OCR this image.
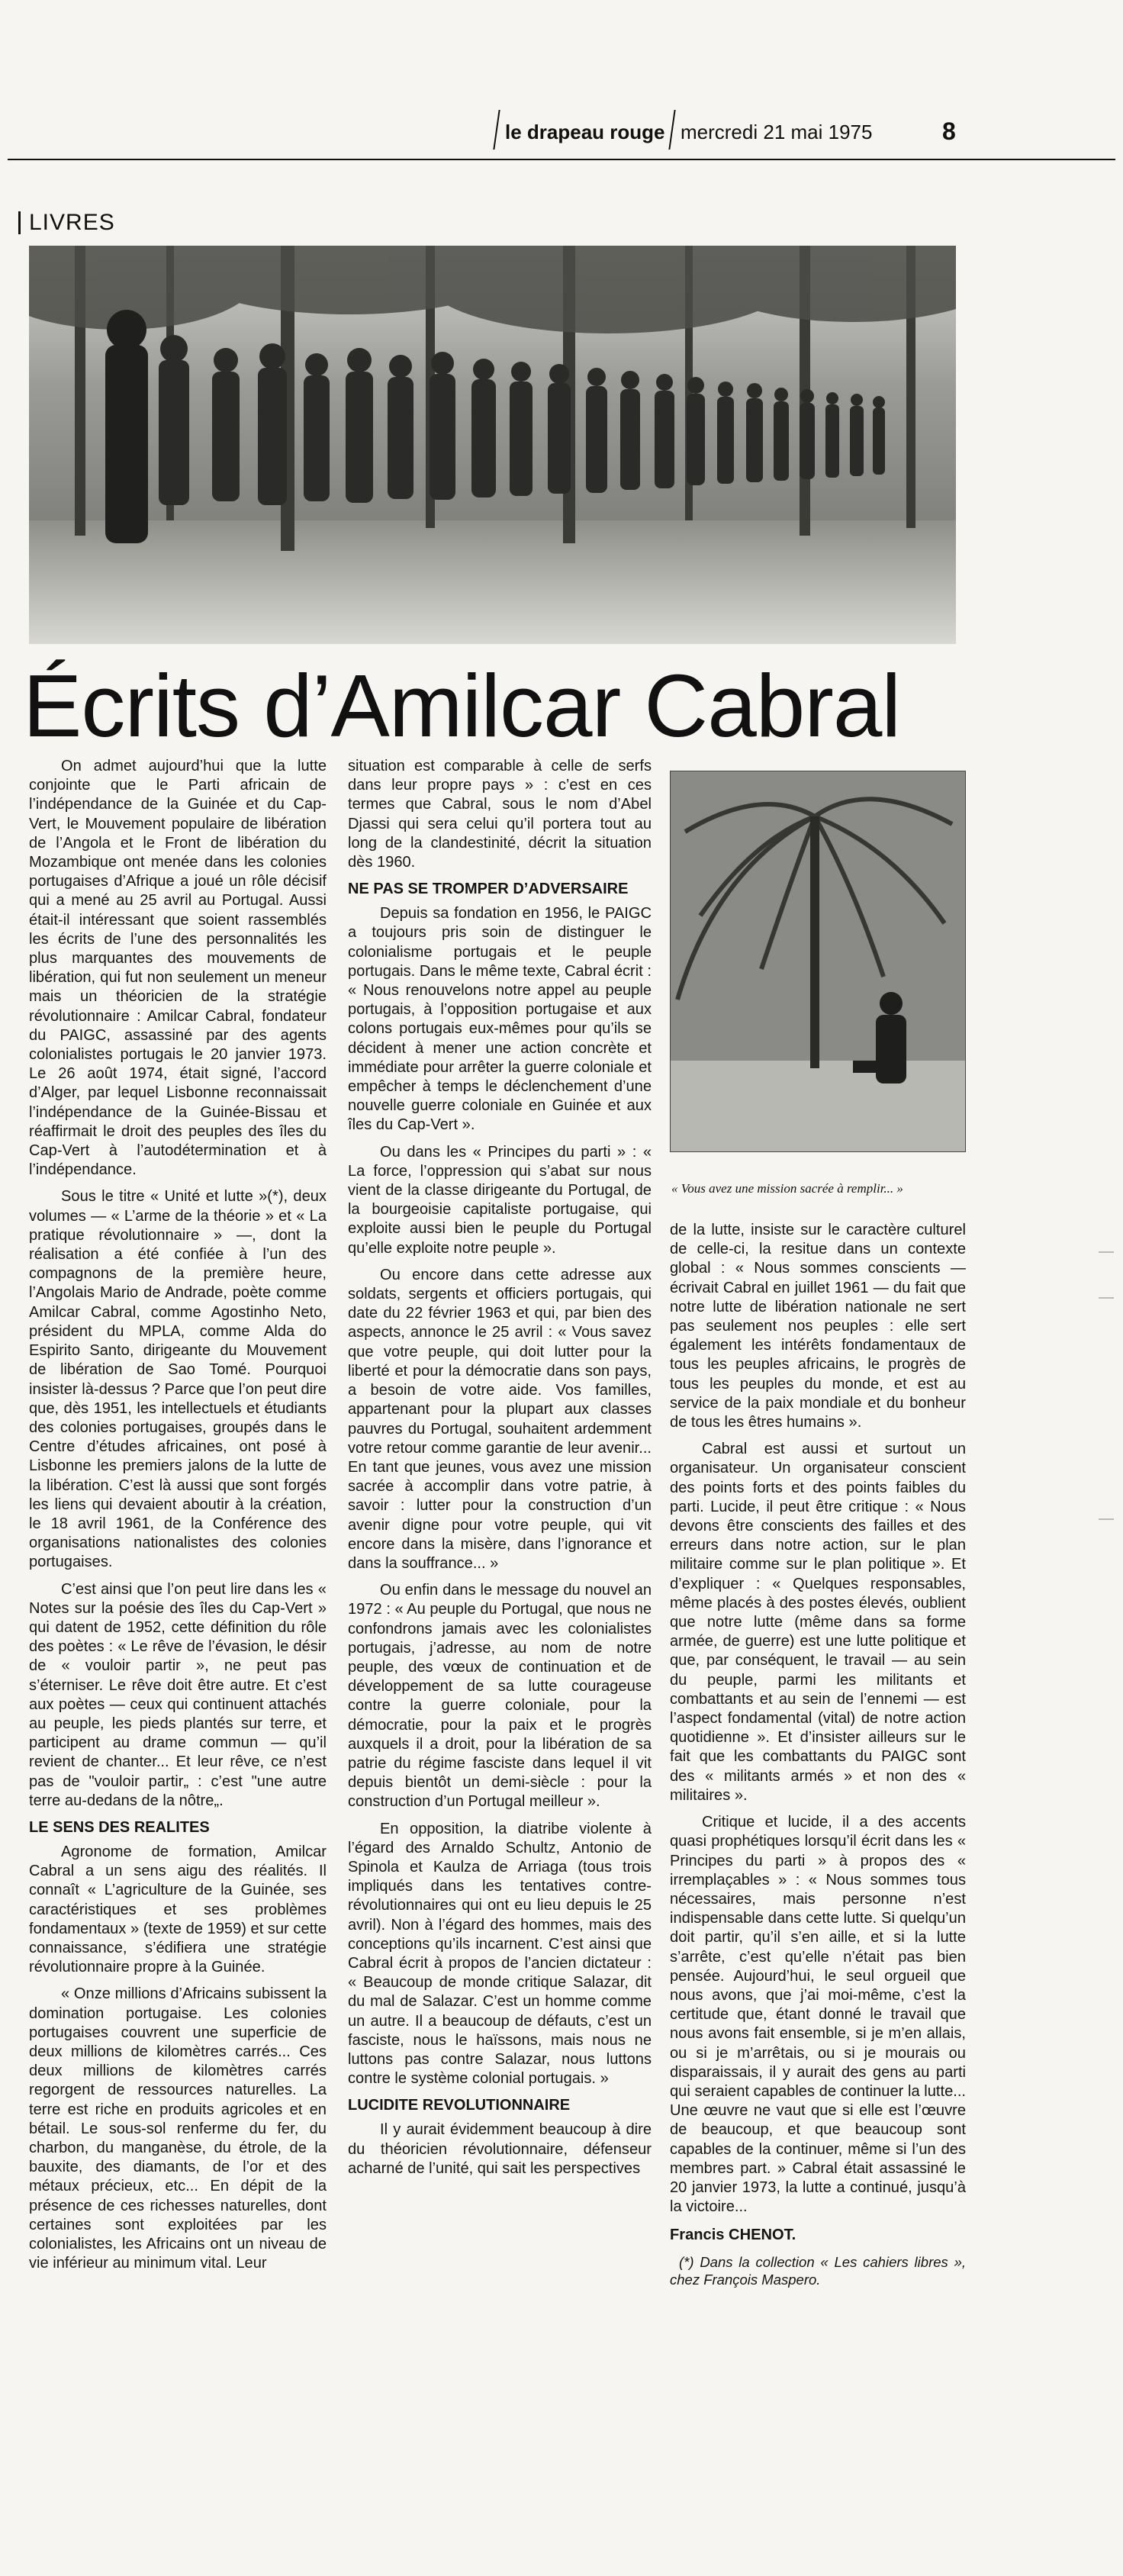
le drapeau rouge mercredi 21 mai 1975	8
LIVRES
Écrits d’Amilcar Cabral
« Vous avez une mission sacrée à remplir... »

On admet aujourd’hui que la lutte conjointe que le Parti africain de l’indépendance de la Guinée et du Cap-Vert, le Mouvement populaire de libération de l’Angola et le Front de libération du Mozambique ont menée dans les colonies portugaises d’Afrique a joué un rôle décisif qui a mené au 25 avril au Portugal. Aussi était-il intéressant que soient rassemblés les écrits de l’une des personnalités les plus marquantes des mouvements de libération, qui fut non seulement un meneur mais un théoricien de la stratégie révolutionnaire : Amilcar Cabral, fondateur du PAIGC, assassiné par des agents colonialistes portugais le 20 janvier 1973. Le 26 août 1974, était signé, l’accord d’Alger, par lequel Lisbonne reconnaissait l’indépendance de la Guinée-Bissau et réaffirmait le droit des peuples des îles du Cap-Vert à l’autodétermination et à l’indépendance.

Sous le titre « Unité et lutte »(*), deux volumes — « L’arme de la théorie » et « La pratique révolutionnaire » —, dont la réalisation a été confiée à l’un des compagnons de la première heure, l’Angolais Mario de Andrade, poète comme Amilcar Cabral, comme Agostinho Neto, président du MPLA, comme Alda do Espirito Santo, dirigeante du Mouvement de libération de Sao Tomé. Pourquoi insister là-dessus ? Parce que l’on peut dire que, dès 1951, les intellectuels et étudiants des colonies portugaises, groupés dans le Centre d’études africaines, ont posé à Lisbonne les premiers jalons de la lutte de la libération. C’est là aussi que sont forgés les liens qui devaient aboutir à la création, le 18 avril 1961, de la Conférence des organisations nationalistes des colonies portugaises.

C’est ainsi que l’on peut lire dans les « Notes sur la poésie des îles du Cap-Vert » qui datent de 1952, cette définition du rôle des poètes : « Le rêve de l’évasion, le désir de « vouloir partir », ne peut pas s’éterniser. Le rêve doit être autre. Et c’est aux poètes — ceux qui continuent attachés au peuple, les pieds plantés sur terre, et participent au drame commun — qu’il revient de chanter... Et leur rêve, ce n’est pas de "vouloir partir„ : c’est "une autre terre au-dedans de la nôtre„.

LE SENS DES REALITES

Agronome de formation, Amilcar Cabral a un sens aigu des réalités. Il connaît « L’agriculture de la Guinée, ses caractéristiques et ses problèmes fondamentaux » (texte de 1959) et sur cette connaissance, s’édifiera une stratégie révolutionnaire propre à la Guinée.

« Onze millions d’Africains subissent la domination portugaise. Les colonies portugaises couvrent une superficie de deux millions de kilomètres carrés... Ces deux millions de kilomètres carrés regorgent de ressources naturelles. La terre est riche en produits agricoles et en bétail. Le sous-sol renferme du fer, du charbon, du manganèse, du étrole, de la bauxite, des diamants, de l’or et des métaux précieux, etc... En dépit de la présence de ces richesses naturelles, dont certaines sont exploitées par les colonialistes, les Africains ont un niveau de vie inférieur au minimum vital. Leur

situation est comparable à celle de serfs dans leur propre pays » : c’est en ces termes que Cabral, sous le nom d’Abel Djassi qui sera celui qu’il portera tout au long de la clandestinité, décrit la situation dès 1960.

NE PAS SE TROMPER D’ADVERSAIRE

Depuis sa fondation en 1956, le PAIGC a toujours pris soin de distinguer le colonialisme portugais et le peuple portugais. Dans le même texte, Cabral écrit : « Nous renouvelons notre appel au peuple portugais, à l’opposition portugaise et aux colons portugais eux-mêmes pour qu’ils se décident à mener une action concrète et immédiate pour arrêter la guerre coloniale et empêcher à temps le déclenchement d’une nouvelle guerre coloniale en Guinée et aux îles du Cap-Vert ».

Ou dans les « Principes du parti » : « La force, l’oppression qui s’abat sur nous vient de la classe dirigeante du Portugal, de la bourgeoisie capitaliste portugaise, qui exploite aussi bien le peuple du Portugal qu’elle exploite notre peuple ».

Ou encore dans cette adresse aux soldats, sergents et officiers portugais, qui date du 22 février 1963 et qui, par bien des aspects, annonce le 25 avril : « Vous savez que votre peuple, qui doit lutter pour la liberté et pour la démocratie dans son pays, a besoin de votre aide. Vos familles, appartenant pour la plupart aux classes pauvres du Portugal, souhaitent ardemment votre retour comme garantie de leur avenir... En tant que jeunes, vous avez une mission sacrée à accomplir dans votre patrie, à savoir : lutter pour la construction d’un avenir digne pour votre peuple, qui vit encore dans la misère, dans l’ignorance et dans la souffrance... »

Ou enfin dans le message du nouvel an 1972 : « Au peuple du Portugal, que nous ne confondrons jamais avec les colonialistes portugais, j’adresse, au nom de notre peuple, des vœux de continuation et de développement de sa lutte courageuse contre la guerre coloniale, pour la démocratie, pour la paix et le progrès auxquels il a droit, pour la libération de sa patrie du régime fasciste dans lequel il vit depuis bientôt un demi-siècle : pour la construction d’un Portugal meilleur ».

En opposition, la diatribe violente à l’égard des Arnaldo Schultz, Antonio de Spinola et Kaulza de Arriaga (tous trois impliqués dans les tentatives contre-révolutionnaires qui ont eu lieu depuis le 25 avril). Non à l’égard des hommes, mais des conceptions qu’ils incarnent. C’est ainsi que Cabral écrit à propos de l’ancien dictateur : « Beaucoup de monde critique Salazar, dit du mal de Salazar. C’est un homme comme un autre. Il a beaucoup de défauts, c’est un fasciste, nous le haïssons, mais nous ne luttons pas contre Salazar, nous luttons contre le système colonial portugais. »

LUCIDITE REVOLUTIONNAIRE

Il y aurait évidemment beaucoup à dire du théoricien révolutionnaire, défenseur acharné de l’unité, qui sait les perspectives

de la lutte, insiste sur le caractère culturel de celle-ci, la resitue dans un contexte global : « Nous sommes conscients — écrivait Cabral en juillet 1961 — du fait que notre lutte de libération nationale ne sert pas seulement nos peuples : elle sert également les intérêts fondamentaux de tous les peuples africains, le progrès de tous les peuples du monde, et est au service de la paix mondiale et du bonheur de tous les êtres humains ».

Cabral est aussi et surtout un organisateur. Un organisateur conscient des points forts et des points faibles du parti. Lucide, il peut être critique : « Nous devons être conscients des failles et des erreurs dans notre action, sur le plan militaire comme sur le plan politique ». Et d’expliquer : « Quelques responsables, même placés à des postes élevés, oublient que notre lutte (même dans sa forme armée, de guerre) est une lutte politique et que, par conséquent, le travail — au sein du peuple, parmi les militants et combattants et au sein de l’ennemi — est l’aspect fondamental (vital) de notre action quotidienne ». Et d’insister ailleurs sur le fait que les combattants du PAIGC sont des « militants armés » et non des « militaires ».

Critique et lucide, il a des accents quasi prophétiques lorsqu’il écrit dans les « Principes du parti » à propos des « irremplaçables » : « Nous sommes tous nécessaires, mais personne n’est indispensable dans cette lutte. Si quelqu’un doit partir, qu’il s’en aille, et si la lutte s’arrête, c’est qu’elle n’était pas bien pensée. Aujourd’hui, le seul orgueil que nous avons, que j’ai moi-même, c’est la certitude que, étant donné le travail que nous avons fait ensemble, si je m’en allais, ou si je m’arrêtais, ou si je mourais ou disparaissais, il y aurait des gens au parti qui seraient capables de continuer la lutte... Une œuvre ne vaut que si elle est l’œuvre de beaucoup, et que beaucoup sont capables de la continuer, même si l’un des membres part. » Cabral était assassiné le 20 janvier 1973, la lutte a continué, jusqu’à la victoire...

Francis CHENOT.

(*) Dans la collection « Les cahiers libres », chez François Maspero.
